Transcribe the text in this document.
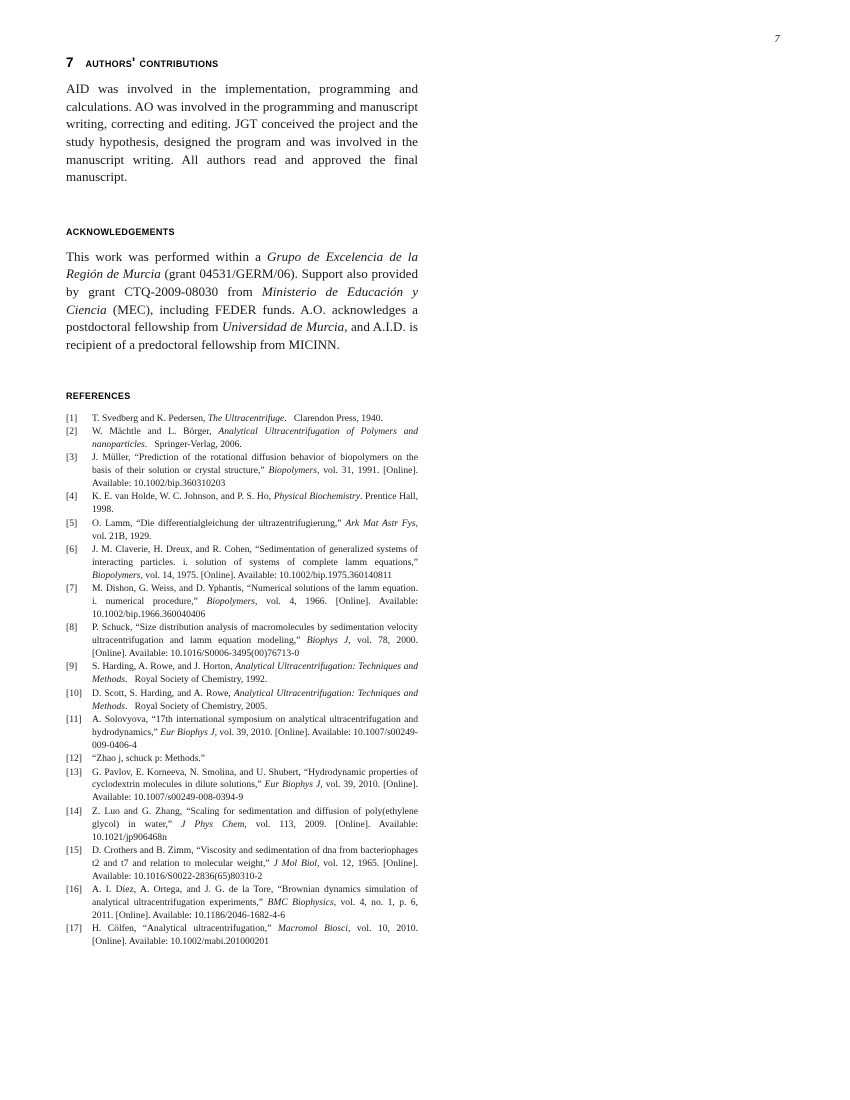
7
7 authors' contributions

AID was involved in the implementation, programming and calculations. AO was involved in the programming and manuscript writing, correcting and editing. JGT conceived the project and the study hypothesis, designed the program and was involved in the manuscript writing. All authors read and approved the final manuscript.

acknowledgements

This work was performed within a Grupo de Excelencia de la Región de Murcia (grant 04531/GERM/06). Support also provided by grant CTQ-2009-08030 from Ministerio de Educación y Ciencia (MEC), including FEDER funds. A.O. acknowledges a postdoctoral fellowship from Universidad de Murcia, and A.I.D. is recipient of a predoctoral fellowship from MICINN.

references
[1]	T. Svedberg and K. Pedersen, The Ultracentrifuge.   Clarendon Press, 1940.
[2]	W. Mächtle and L. Börger, Analytical Ultracentrifugation of Polymers and nanoparticles.   Springer-Verlag, 2006.
[3]	J. Müller, “Prediction of the rotational diffusion behavior of biopolymers on the basis of their solution or crystal structure,” Biopolymers, vol. 31, 1991. [Online]. Available: 10.1002/bip.360310203
[4]	K. E. van Holde, W. C. Johnson, and P. S. Ho, Physical Biochemistry. Prentice Hall, 1998.
[5]	O. Lamm, “Die differentialgleichung der ultrazentrifugierung,” Ark Mat Astr Fys, vol. 21B, 1929.
[6]	J. M. Claverie, H. Dreux, and R. Cohen, “Sedimentation of generalized systems of interacting particles. i. solution of systems of complete lamm equations,” Biopolymers, vol. 14, 1975. [Online]. Available: 10.1002/bip.1975.360140811
[7]	M. Dishon, G. Weiss, and D. Yphantis, “Numerical solutions of the lamm equation. i. numerical procedure,” Biopolymers, vol. 4, 1966. [Online]. Available: 10.1002/bip.1966.360040406
[8]	P. Schuck, “Size distribution analysis of macromolecules by sedimentation velocity ultracentrifugation and lamm equation modeling,” Biophys J, vol. 78, 2000. [Online]. Available: 10.1016/S0006-3495(00)76713-0
[9]	S. Harding, A. Rowe, and J. Horton, Analytical Ultracentrifugation: Techniques and Methods.   Royal Society of Chemistry, 1992.
[10]	D. Scott, S. Harding, and A. Rowe, Analytical Ultracentrifugation: Techniques and Methods.   Royal Society of Chemistry, 2005.
[11]	A. Solovyova, “17th international symposium on analytical ultracentrifugation and hydrodynamics,” Eur Biophys J, vol. 39, 2010. [Online]. Available: 10.1007/s00249-009-0406-4
[12]	“Zhao j, schuck p: Methods.”
[13]	G. Pavlov, E. Korneeva, N. Smolina, and U. Shubert, “Hydrodynamic properties of cyclodextrin molecules in dilute solutions,” Eur Biophys J, vol. 39, 2010. [Online]. Available: 10.1007/s00249-008-0394-9
[14]	Z. Luo and G. Zhang, “Scaling for sedimentation and diffusion of poly(ethylene glycol) in water,” J Phys Chem, vol. 113, 2009. [Online]. Available: 10.1021/jp906468n
[15]	D. Crothers and B. Zimm, “Viscosity and sedimentation of dna from bacteriophages t2 and t7 and relation to molecular weight,” J Mol Biol, vol. 12, 1965. [Online]. Available: 10.1016/S0022-2836(65)80310-2
[16]	A. I. Díez, A. Ortega, and J. G. de la Tore, “Brownian dynamics simulation of analytical ultracentrifugation experiments,” BMC Biophysics, vol. 4, no. 1, p. 6, 2011. [Online]. Available: 10.1186/2046-1682-4-6
[17]	H. Cölfen, “Analytical ultracentrifugation,” Macromol Biosci, vol. 10, 2010. [Online]. Available: 10.1002/mabi.201000201
